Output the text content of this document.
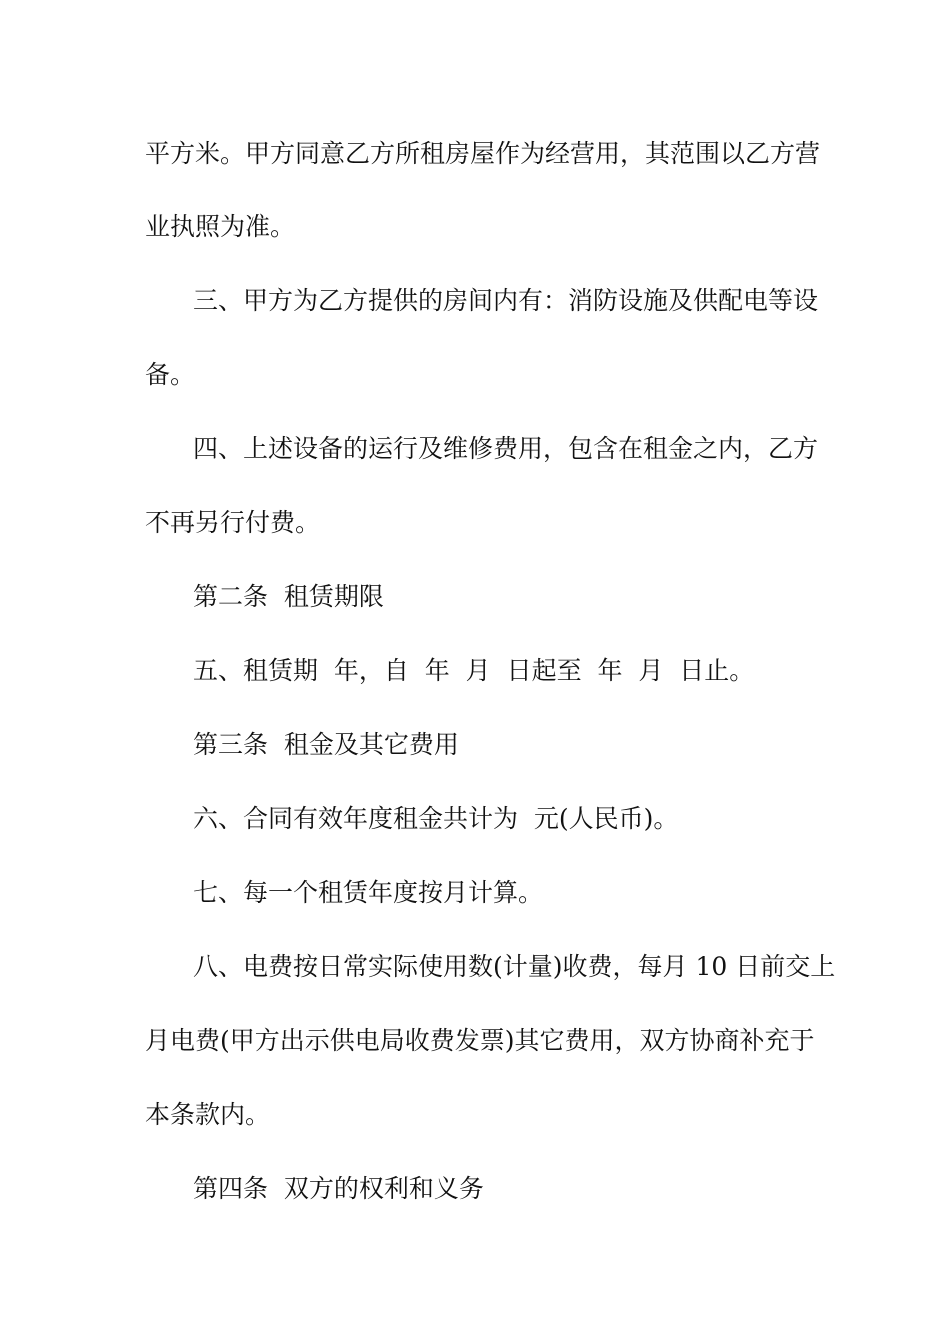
平方米。甲方同意乙方所租房屋作为经营用，其范围以乙方营
业执照为准。
三、甲方为乙方提供的房间内有：消防设施及供配电等设
备。
四、上述设备的运行及维修费用，包含在租金之内，乙方
不再另行付费。
第二条  租赁期限
五、租赁期  年，自  年  月  日起至  年  月  日止。
第三条  租金及其它费用
六、合同有效年度租金共计为  元(人民币)。
七、每一个租赁年度按月计算。
八、电费按日常实际使用数(计量)收费，每月 10 日前交上
月电费(甲方出示供电局收费发票)其它费用，双方协商补充于
本条款内。
第四条  双方的权利和义务
